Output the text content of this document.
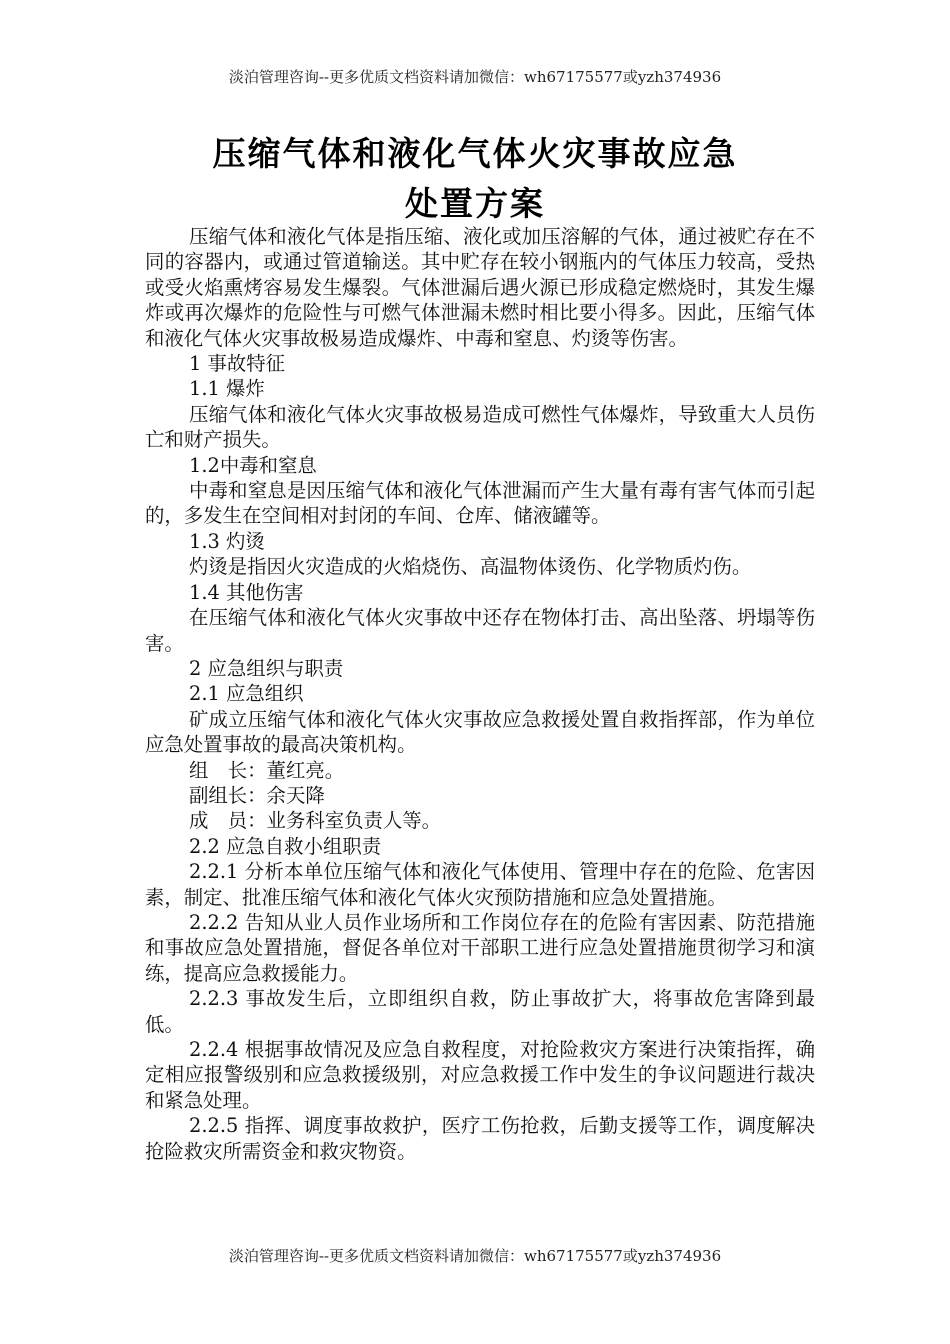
淡泊管理咨询--更多优质文档资料请加微信：wh67175577或yzh374936
压缩气体和液化气体火灾事故应急
处置方案

压缩气体和液化气体是指压缩、液化或加压溶解的气体，通过被贮存在不同的容器内，或通过管道输送。其中贮存在较小钢瓶内的气体压力较高，受热或受火焰熏烤容易发生爆裂。气体泄漏后遇火源已形成稳定燃烧时，其发生爆炸或再次爆炸的危险性与可燃气体泄漏未燃时相比要小得多。因此，压缩气体和液化气体火灾事故极易造成爆炸、中毒和窒息、灼烫等伤害。

1 事故特征

1.1 爆炸

压缩气体和液化气体火灾事故极易造成可燃性气体爆炸，导致重大人员伤亡和财产损失。

1.2中毒和窒息

中毒和窒息是因压缩气体和液化气体泄漏而产生大量有毒有害气体而引起的，多发生在空间相对封闭的车间、仓库、储液罐等。

1.3 灼烫

灼烫是指因火灾造成的火焰烧伤、高温物体烫伤、化学物质灼伤。

1.4 其他伤害

在压缩气体和液化气体火灾事故中还存在物体打击、高出坠落、坍塌等伤害。

2 应急组织与职责

2.1 应急组织

矿成立压缩气体和液化气体火灾事故应急救援处置自救指挥部，作为单位应急处置事故的最高决策机构。

组　长：董红亮。

副组长：余天降

成　员：业务科室负责人等。

2.2 应急自救小组职责

2.2.1 分析本单位压缩气体和液化气体使用、管理中存在的危险、危害因素，制定、批准压缩气体和液化气体火灾预防措施和应急处置措施。

2.2.2 告知从业人员作业场所和工作岗位存在的危险有害因素、防范措施和事故应急处置措施，督促各单位对干部职工进行应急处置措施贯彻学习和演练，提高应急救援能力。

2.2.3 事故发生后，立即组织自救，防止事故扩大，将事故危害降到最低。

2.2.4 根据事故情况及应急自救程度，对抢险救灾方案进行决策指挥，确定相应报警级别和应急救援级别，对应急救援工作中发生的争议问题进行裁决和紧急处理。

2.2.5 指挥、调度事故救护，医疗工伤抢救，后勤支援等工作，调度解决抢险救灾所需资金和救灾物资。

淡泊管理咨询--更多优质文档资料请加微信：wh67175577或yzh374936
